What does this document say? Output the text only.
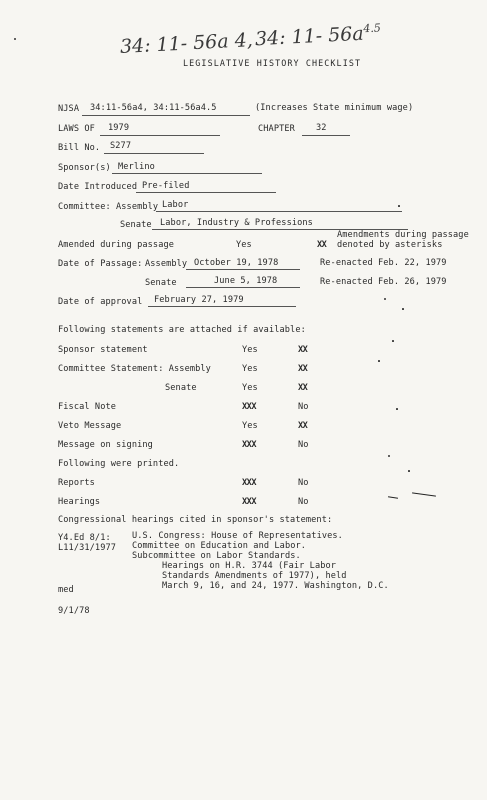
34: 11- 56a 4, 34: 11- $56a^{4.5}$
LEGISLATIVE HISTORY CHECKLIST
NJSA 34:11-56a4, 34:11-56a4.5	(Increases State minimum wage)
LAWS OF 1979	CHAPTER 32
Bill No. S277
Sponsor(s) Merlino
Date Introduced Pre-filed
Committee: Assembly Labor
Senate Labor, Industry & Professions
Amended during passage	Yes	XX
Amendments during passage
denoted by asterisks
Date of Passage: Assembly October 19, 1978	Re-enacted Feb. 22, 1979
Senate	June 5, 1978	Re-enacted Feb. 26, 1979
Date of approval February 27, 1979
Following statements are attached if available:
Sponsor statement	Yes	XX
Committee Statement: Assembly	Yes	XX
Senate	Yes	XX
Fiscal Note	XXX	No
Veto Message	Yes	XX
Message on signing	XXX	No
Following were printed.
Reports	XXX	No
Hearings	XXX	No
Congressional hearings cited in sponsor's statement:
Y4.Ed 8/1:
L11/31/1977
U.S. Congress: House of Representatives.
Committee on Education and Labor.
Subcommittee on Labor Standards.
Hearings on H.R. 3744 (Fair Labor
Standards Amendments of 1977), held
March 9, 16, and 24, 1977. Washington, D.C.
med
9/1/78
